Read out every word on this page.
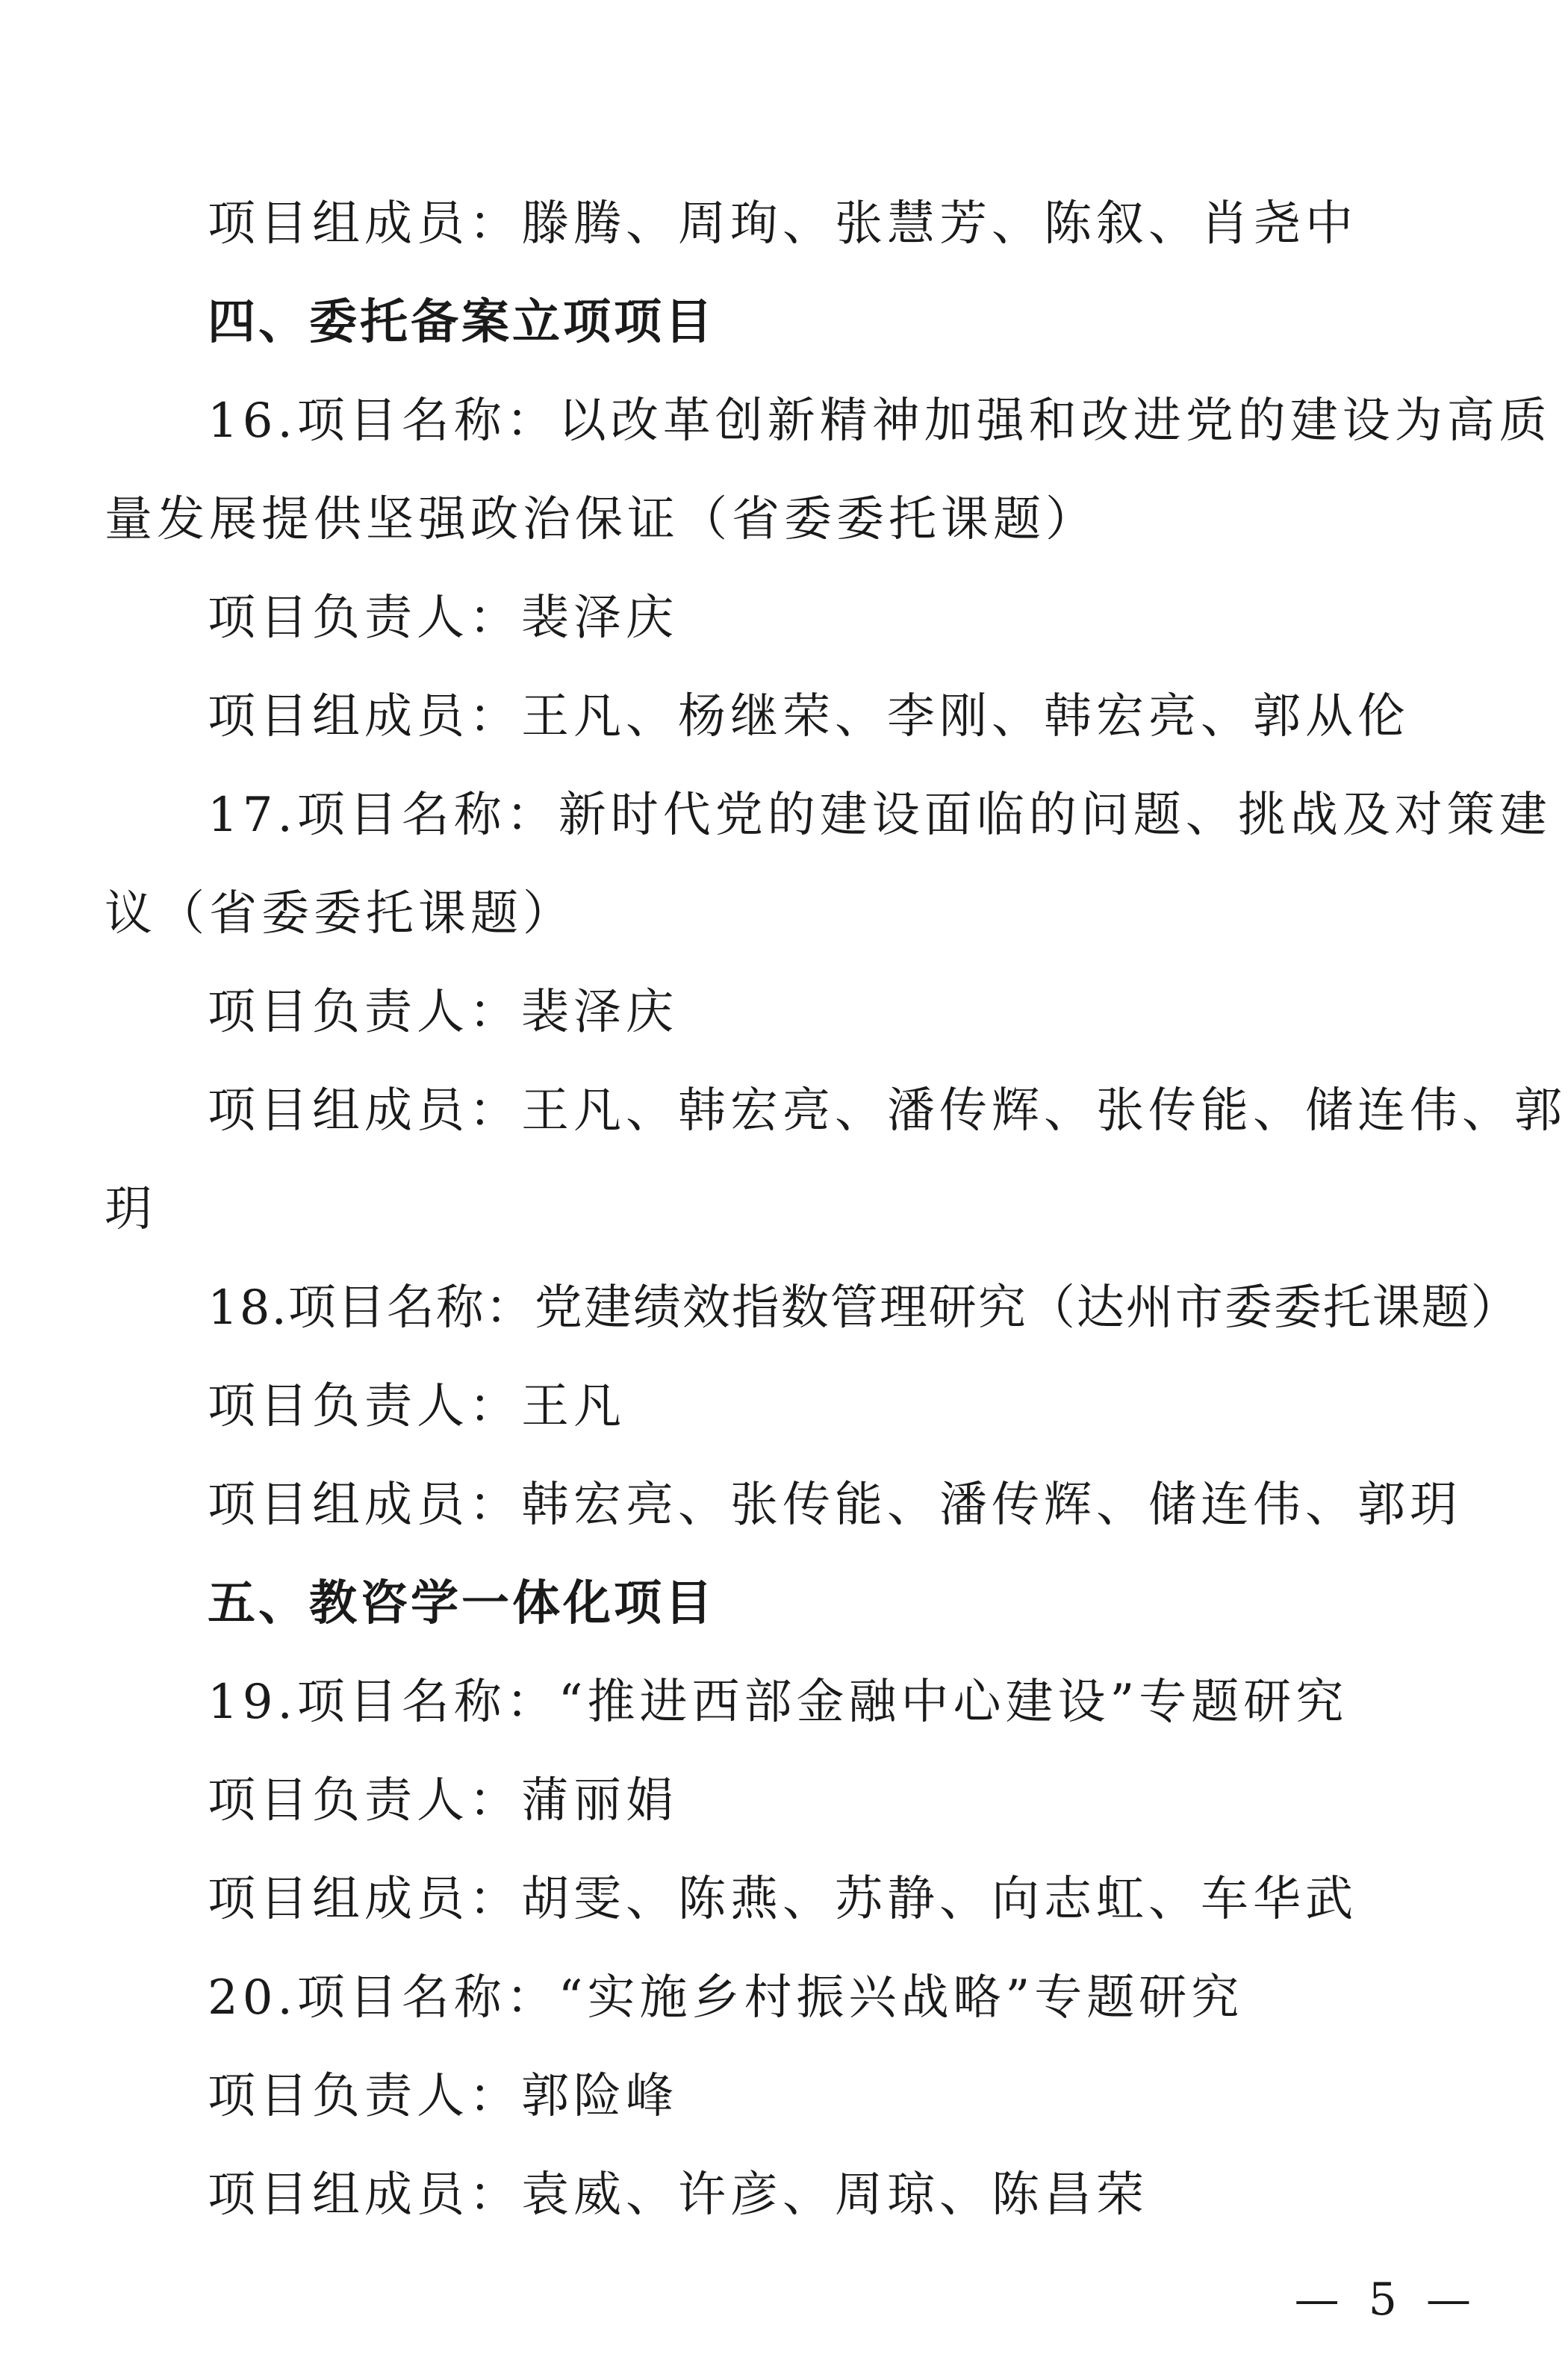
项目组成员：滕腾、周珣、张慧芳、陈叙、肖尧中
四、委托备案立项项目
16.项目名称：以改革创新精神加强和改进党的建设为高质
量发展提供坚强政治保证（省委委托课题）
项目负责人：裴泽庆
项目组成员：王凡、杨继荣、李刚、韩宏亮、郭从伦
17.项目名称：新时代党的建设面临的问题、挑战及对策建
议（省委委托课题）
项目负责人：裴泽庆
项目组成员：王凡、韩宏亮、潘传辉、张传能、储连伟、郭
玥
18.项目名称：党建绩效指数管理研究（达州市委委托课题）
项目负责人：王凡
项目组成员：韩宏亮、张传能、潘传辉、储连伟、郭玥
五、教咨学一体化项目
19.项目名称：“推进西部金融中心建设”专题研究
项目负责人：蒲丽娟
项目组成员：胡雯、陈燕、苏静、向志虹、车华武
20.项目名称：“实施乡村振兴战略”专题研究
项目负责人：郭险峰
项目组成员：袁威、许彦、周琼、陈昌荣
— 5 —
